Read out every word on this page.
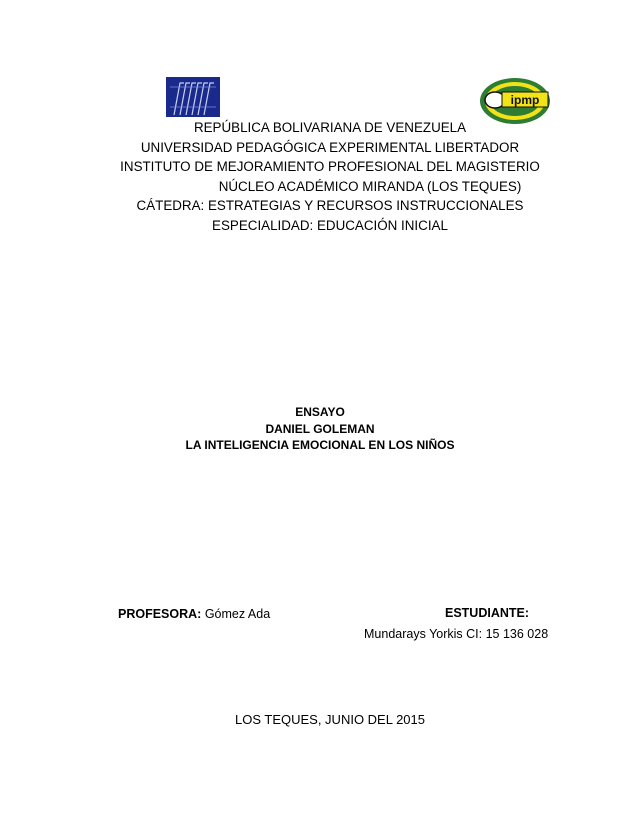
ipmp
REPÚBLICA BOLIVARIANA DE VENEZUELA
UNIVERSIDAD PEDAGÓGICA EXPERIMENTAL LIBERTADOR
INSTITUTO DE MEJORAMIENTO PROFESIONAL DEL MAGISTERIO
NÚCLEO ACADÉMICO MIRANDA (LOS TEQUES)
CÁTEDRA: ESTRATEGIAS Y RECURSOS INSTRUCCIONALES
ESPECIALIDAD: EDUCACIÓN INICIAL
ENSAYO
DANIEL GOLEMAN
LA INTELIGENCIA EMOCIONAL EN LOS NIÑOS
PROFESORA: Gómez Ada	ESTUDIANTE:
Mundarays Yorkis CI: 15 136 028
LOS TEQUES, JUNIO DEL 2015
